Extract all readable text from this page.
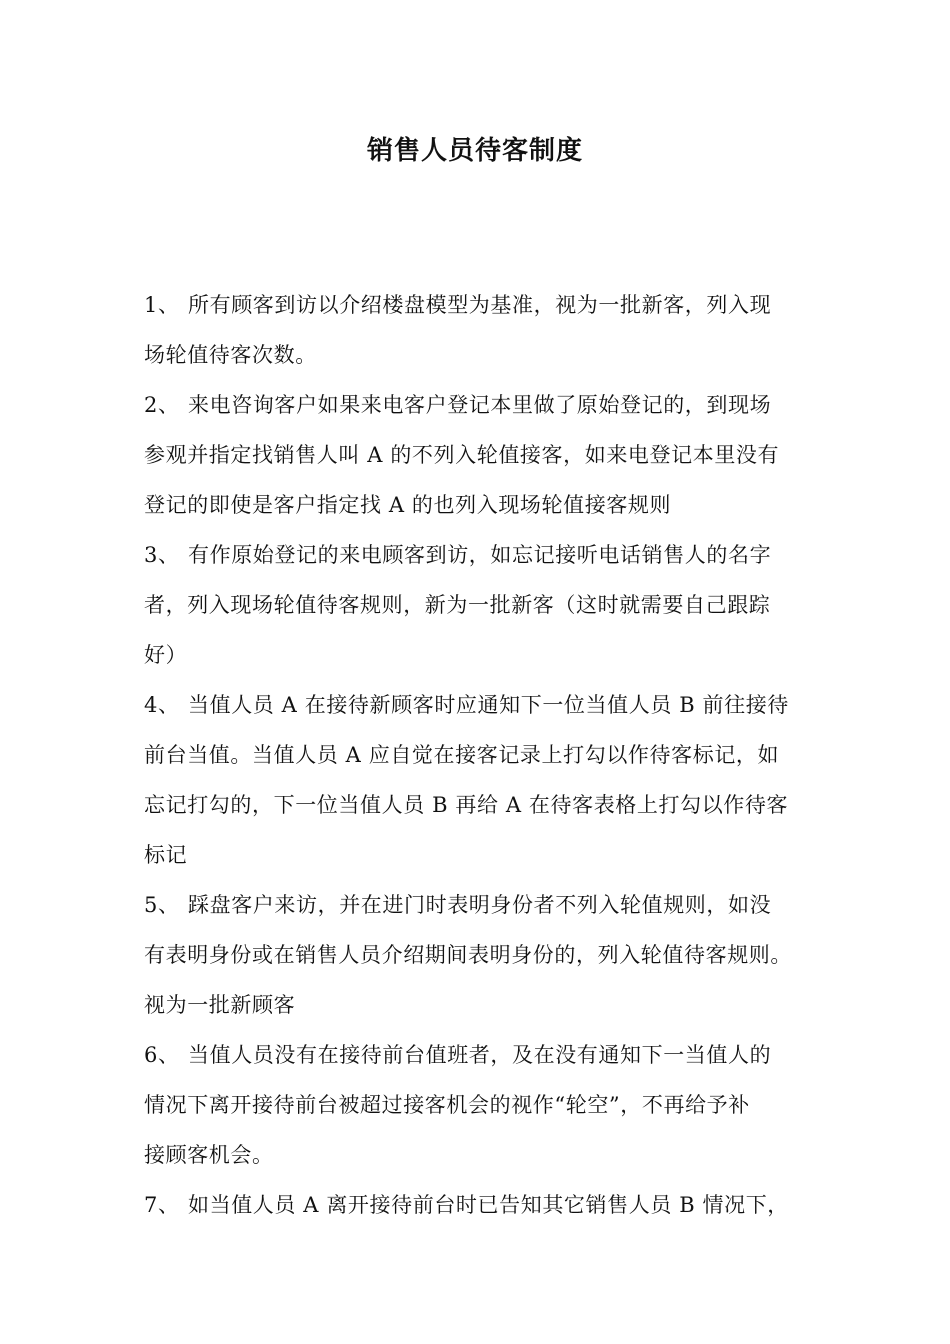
销售人员待客制度
1、 所有顾客到访以介绍楼盘模型为基准，视为一批新客，列入现
场轮值待客次数。
2、 来电咨询客户如果来电客户登记本里做了原始登记的，到现场
参观并指定找销售人叫 A 的不列入轮值接客，如来电登记本里没有
登记的即使是客户指定找 A 的也列入现场轮值接客规则
3、 有作原始登记的来电顾客到访，如忘记接听电话销售人的名字
者，列入现场轮值待客规则，新为一批新客（这时就需要自己跟踪
好）
4、 当值人员 A 在接待新顾客时应通知下一位当值人员 B 前往接待
前台当值。当值人员 A 应自觉在接客记录上打勾以作待客标记，如
忘记打勾的，下一位当值人员 B 再给 A 在待客表格上打勾以作待客
标记
5、 踩盘客户来访，并在进门时表明身份者不列入轮值规则，如没
有表明身份或在销售人员介绍期间表明身份的，列入轮值待客规则。
视为一批新顾客
6、 当值人员没有在接待前台值班者，及在没有通知下一当值人的
情况下离开接待前台被超过接客机会的视作“轮空”，不再给予补
接顾客机会。
7、 如当值人员 A 离开接待前台时已告知其它销售人员 B 情况下，
